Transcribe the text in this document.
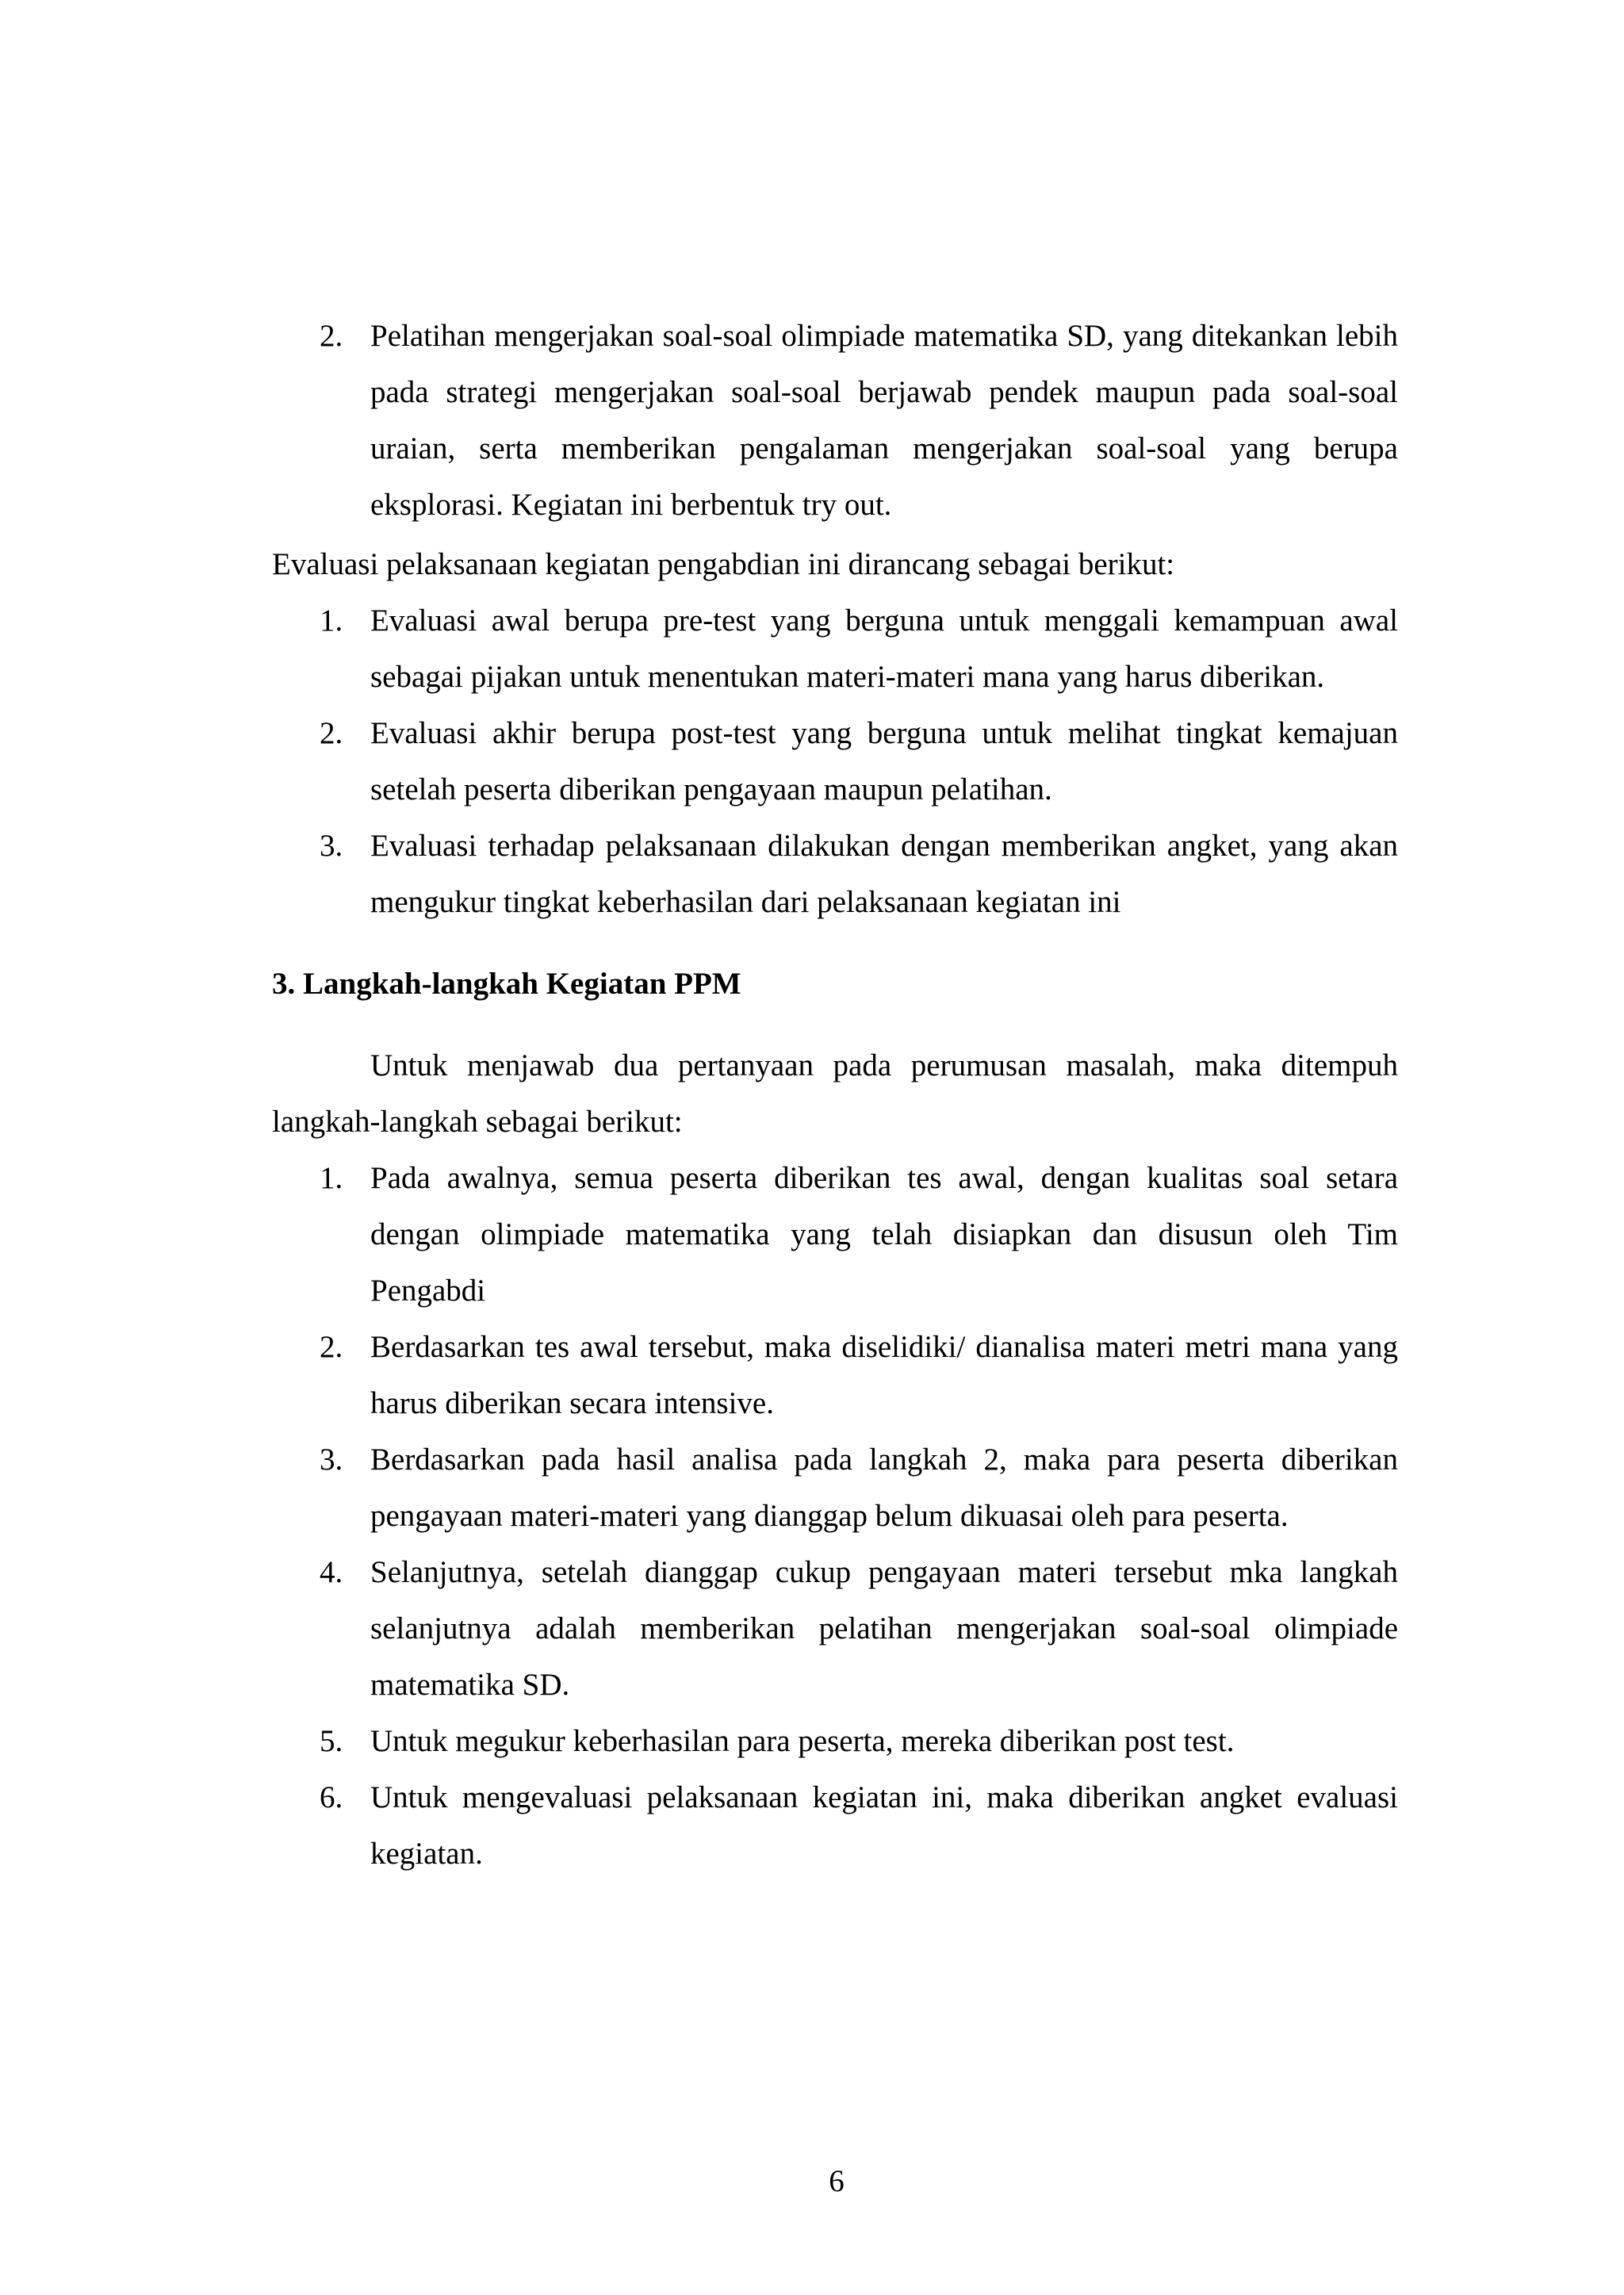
2. Pelatihan mengerjakan soal-soal olimpiade matematika SD, yang ditekankan lebih pada strategi mengerjakan soal-soal berjawab pendek maupun pada soal-soal uraian, serta memberikan pengalaman mengerjakan soal-soal yang berupa eksplorasi. Kegiatan ini berbentuk try out.

Evaluasi pelaksanaan kegiatan pengabdian ini dirancang sebagai berikut:

1. Evaluasi awal berupa pre-test yang berguna untuk menggali kemampuan awal sebagai pijakan untuk menentukan materi-materi mana yang harus diberikan.
2. Evaluasi akhir berupa post-test yang berguna untuk melihat tingkat kemajuan setelah peserta diberikan pengayaan maupun pelatihan.
3. Evaluasi terhadap pelaksanaan dilakukan dengan memberikan angket, yang akan mengukur tingkat keberhasilan dari pelaksanaan kegiatan ini
3. Langkah-langkah Kegiatan PPM

Untuk menjawab dua pertanyaan pada perumusan masalah, maka ditempuh langkah-langkah sebagai berikut:

1. Pada awalnya, semua peserta diberikan tes awal, dengan kualitas soal setara dengan olimpiade matematika yang telah disiapkan dan disusun oleh Tim Pengabdi
2. Berdasarkan tes awal tersebut, maka diselidiki/ dianalisa materi metri mana yang harus diberikan secara intensive.
3. Berdasarkan pada hasil analisa pada langkah 2, maka para peserta diberikan pengayaan materi-materi yang dianggap belum dikuasai oleh para peserta.
4. Selanjutnya, setelah dianggap cukup pengayaan materi tersebut mka langkah selanjutnya adalah memberikan pelatihan mengerjakan soal-soal olimpiade matematika SD.
5. Untuk megukur keberhasilan para peserta, mereka diberikan post test.
6. Untuk mengevaluasi pelaksanaan kegiatan ini, maka diberikan angket evaluasi kegiatan.
6
